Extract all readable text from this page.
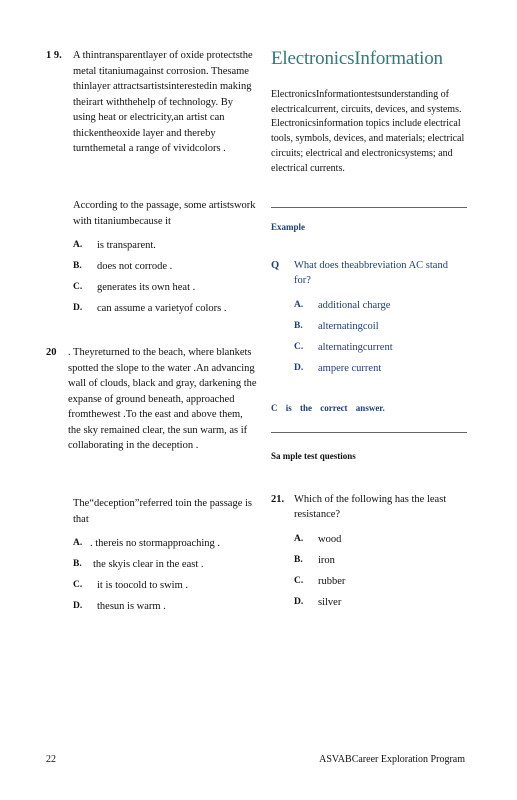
1 9. A thintransparentlayer of oxide protectsthe metal titaniumagainst corrosion. Thesame thinlayer attractsartistsinterestedin making theirart withthehelp of technology. By using heat or electricity,an artist can thickentheoxide layer and thereby turnthemetal a range of vividcolors .
According to the passage, some artistswork with titaniumbecause it
A. is transparent.
B. does not corrode .
C. generates its own heat .
D. can assume a varietyof colors .
20 . Theyreturned to the beach, where blankets spotted the slope to the water .An advancing wall of clouds, black and gray, darkening the expanse of ground beneath, approached fromthewest .To the east and above them, the sky remained clear, the sun warm, as if collaborating in the deception .
The“deception”referred toin the passage is that
A. . thereis no stormapproaching .
B. the skyis clear in the east .
C. it is toocold to swim .
D. thesun is warm .
ElectronicsInformation
ElectronicsInformationtestsunderstanding of electricalcurrent, circuits, devices, and systems. Electronicsinformation topics include electrical tools, symbols, devices, and materials; electrical circuits; electrical and electronicsystems; and electrical currents.
Example
Q What does theabbreviation AC stand for?
A. additional charge
B. alternatingcoil
C. alternatingcurrent
D. ampere current
C is the correct answer.
Sa mple test questions
21. Which of the following has the least resistance?
A. wood
B. iron
C. rubber
D. silver
22	ASVABCareer Exploration Program
